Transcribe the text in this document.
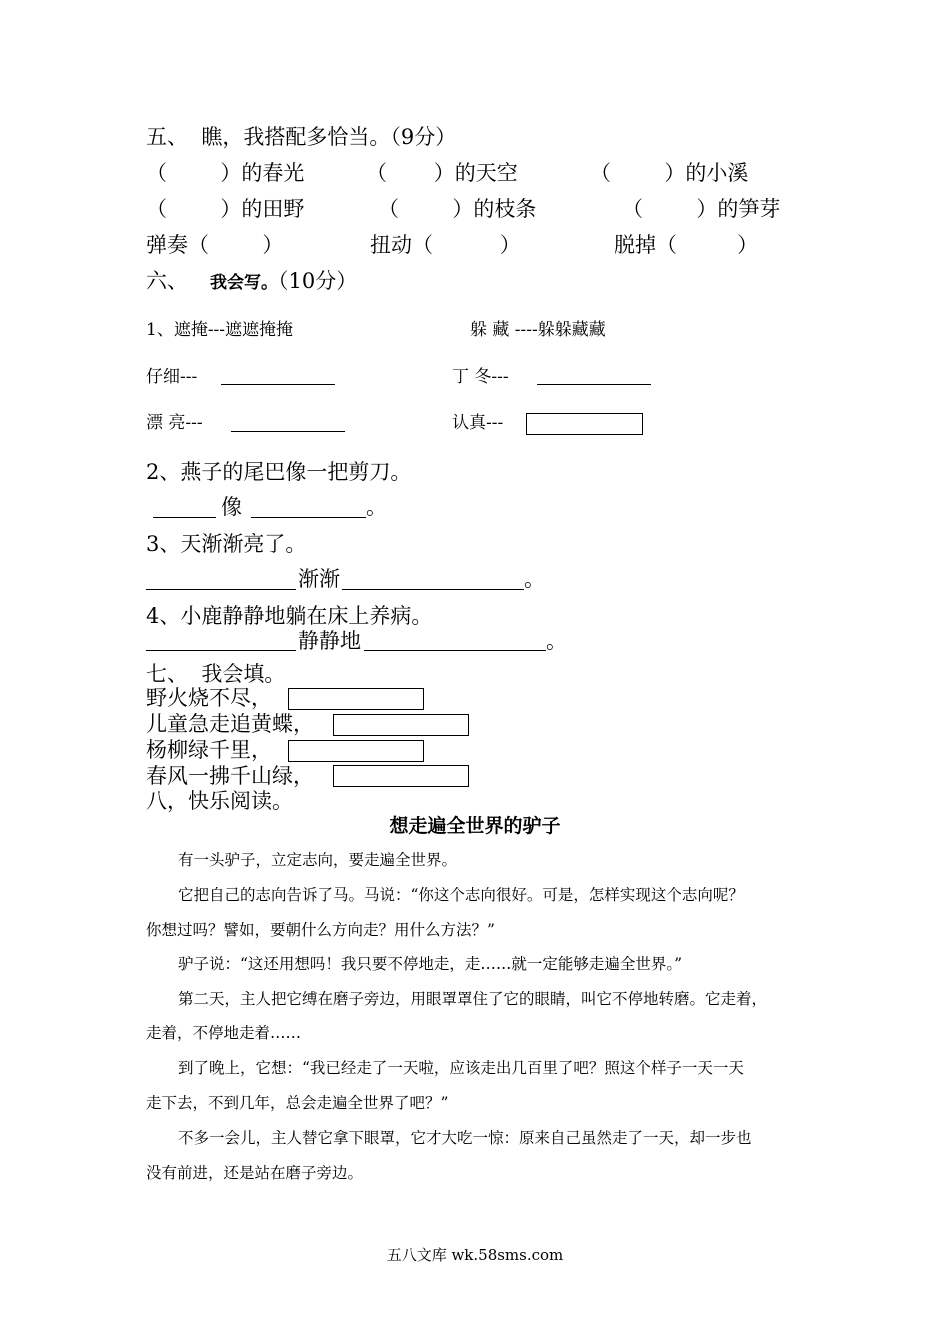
五、  瞧，我搭配多恰当。（9分）
（        ）的春光	（       ）的天空	（        ）的小溪
（        ）的田野	（        ）的枝条	（        ）的笋芽
弹奏（        ）	扭动（          ）	脱掉（         ）
六、 我会写。（10分）
1、遮掩---遮遮掩掩	躲 藏 ----躲躲藏藏
仔细---	丁 冬---
漂 亮---	认真---
2、燕子的尾巴像一把剪刀。
像	。
3、天渐渐亮了。
渐渐	。
4、小鹿静静地躺在床上养病。
静静地	。
七、  我会填。
野火烧不尽，
儿童急走追黄蝶，
杨柳绿千里，
春风一拂千山绿，
八，快乐阅读。
想走遍全世界的驴子
有一头驴子，立定志向，要走遍全世界。
它把自己的志向告诉了马。马说：“你这个志向很好。可是，怎样实现这个志向呢？
你想过吗？譬如，要朝什么方向走？用什么方法？”
驴子说：“这还用想吗！我只要不停地走，走……就一定能够走遍全世界。”
第二天，主人把它缚在磨子旁边，用眼罩罩住了它的眼睛，叫它不停地转磨。它走着，
走着，不停地走着……
到了晚上，它想：“我已经走了一天啦，应该走出几百里了吧？照这个样子一天一天
走下去，不到几年，总会走遍全世界了吧？”
不多一会儿，主人替它拿下眼罩，它才大吃一惊：原来自己虽然走了一天，却一步也
没有前进，还是站在磨子旁边。
五八文库 wk.58sms.com
